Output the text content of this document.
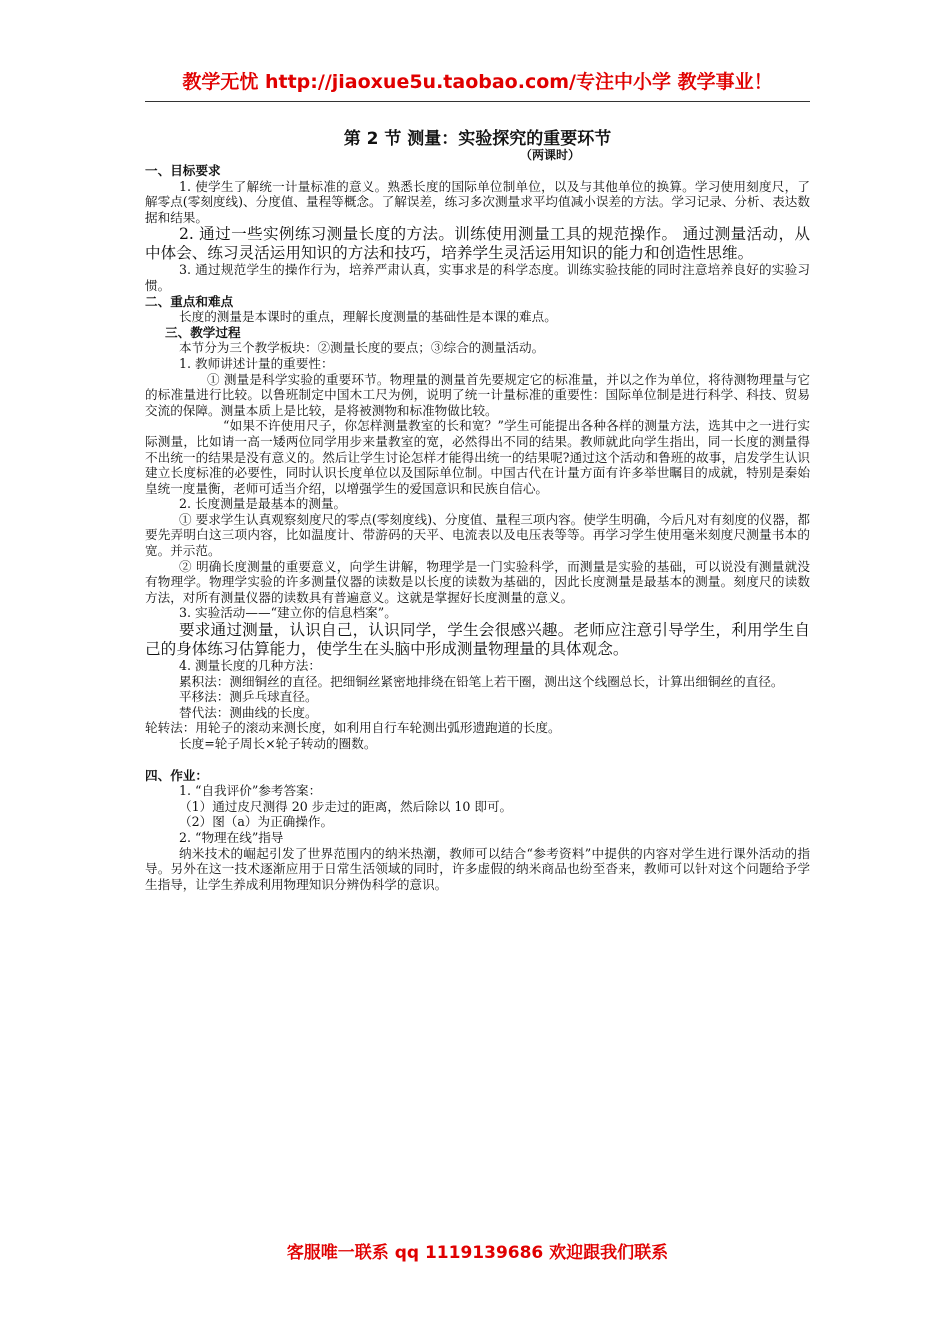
教学无忧 http://jiaoxue5u.taobao.com/专注中小学 教学事业！
第 2 节 测量：实验探究的重要环节
（两课时）

一、目标要求

1. 使学生了解统一计量标准的意义。熟悉长度的国际单位制单位，以及与其他单位的换算。学习使用刻度尺，了解零点(零刻度线)、分度值、量程等概念。了解误差，练习多次测量求平均值减小误差的方法。学习记录、分析、表达数据和结果。

2. 通过一些实例练习测量长度的方法。训练使用测量工具的规范操作。 通过测量活动，从中体会、练习灵活运用知识的方法和技巧，培养学生灵活运用知识的能力和创造性思维。

3. 通过规范学生的操作行为，培养严肃认真，实事求是的科学态度。训练实验技能的同时注意培养良好的实验习惯。

二、重点和难点

长度的测量是本课时的重点，理解长度测量的基础性是本课的难点。

三、教学过程

本节分为三个教学板块：②测量长度的要点；③综合的测量活动。

1. 教师讲述计量的重要性：

① 测量是科学实验的重要环节。物理量的测量首先要规定它的标准量，并以之作为单位，将待测物理量与它的标准量进行比较。以鲁班制定中国木工尺为例，说明了统一计量标准的重要性：国际单位制是进行科学、科技、贸易交流的保障。测量本质上是比较，是将被测物和标准物做比较。

“如果不许使用尺子，你怎样测量教室的长和宽？”学生可能提出各种各样的测量方法，选其中之一进行实际测量，比如请一高一矮两位同学用步来量教室的宽，必然得出不同的结果。教师就此向学生指出，同一长度的测量得不出统一的结果是没有意义的。然后让学生讨论怎样才能得出统一的结果呢?通过这个活动和鲁班的故事，启发学生认识建立长度标准的必要性，同时认识长度单位以及国际单位制。中国古代在计量方面有许多举世瞩目的成就，特别是秦始皇统一度量衡，老师可适当介绍，以增强学生的爱国意识和民族自信心。

2. 长度测量是最基本的测量。

① 要求学生认真观察刻度尺的零点(零刻度线)、分度值、量程三项内容。使学生明确，今后凡对有刻度的仪器，都要先弄明白这三项内容，比如温度计、带游码的天平、电流表以及电压表等等。再学习学生使用毫米刻度尺测量书本的宽。并示范。

② 明确长度测量的重要意义，向学生讲解，物理学是一门实验科学，而测量是实验的基础，可以说没有测量就没有物理学。物理学实验的许多测量仪器的读数是以长度的读数为基础的，因此长度测量是最基本的测量。刻度尺的读数方法，对所有测量仪器的读数具有普遍意义。这就是掌握好长度测量的意义。

3. 实验活动——“建立你的信息档案”。

要求通过测量，认识自己，认识同学，学生会很感兴趣。老师应注意引导学生，利用学生自己的身体练习估算能力，使学生在头脑中形成测量物理量的具体观念。

4. 测量长度的几种方法：

累积法：测细铜丝的直径。把细铜丝紧密地排绕在铅笔上若干圈，测出这个线圈总长，计算出细铜丝的直径。

平移法：测乒乓球直径。

替代法：测曲线的长度。

轮转法：用轮子的滚动来测长度，如利用自行车轮测出弧形遗跑道的长度。

长度=轮子周长×轮子转动的圈数。

四、作业：

1. “自我评价”参考答案：

（1）通过皮尺测得 20 步走过的距离，然后除以 10 即可。

（2）图（a）为正确操作。

2. “物理在线”指导

纳米技术的崛起引发了世界范围内的纳米热潮，教师可以结合“参考资料”中提供的内容对学生进行课外活动的指导。另外在这一技术逐渐应用于日常生活领域的同时，许多虚假的纳米商品也纷至沓来，教师可以针对这个问题给予学生指导，让学生养成利用物理知识分辨伪科学的意识。

客服唯一联系 qq 1119139686 欢迎跟我们联系
